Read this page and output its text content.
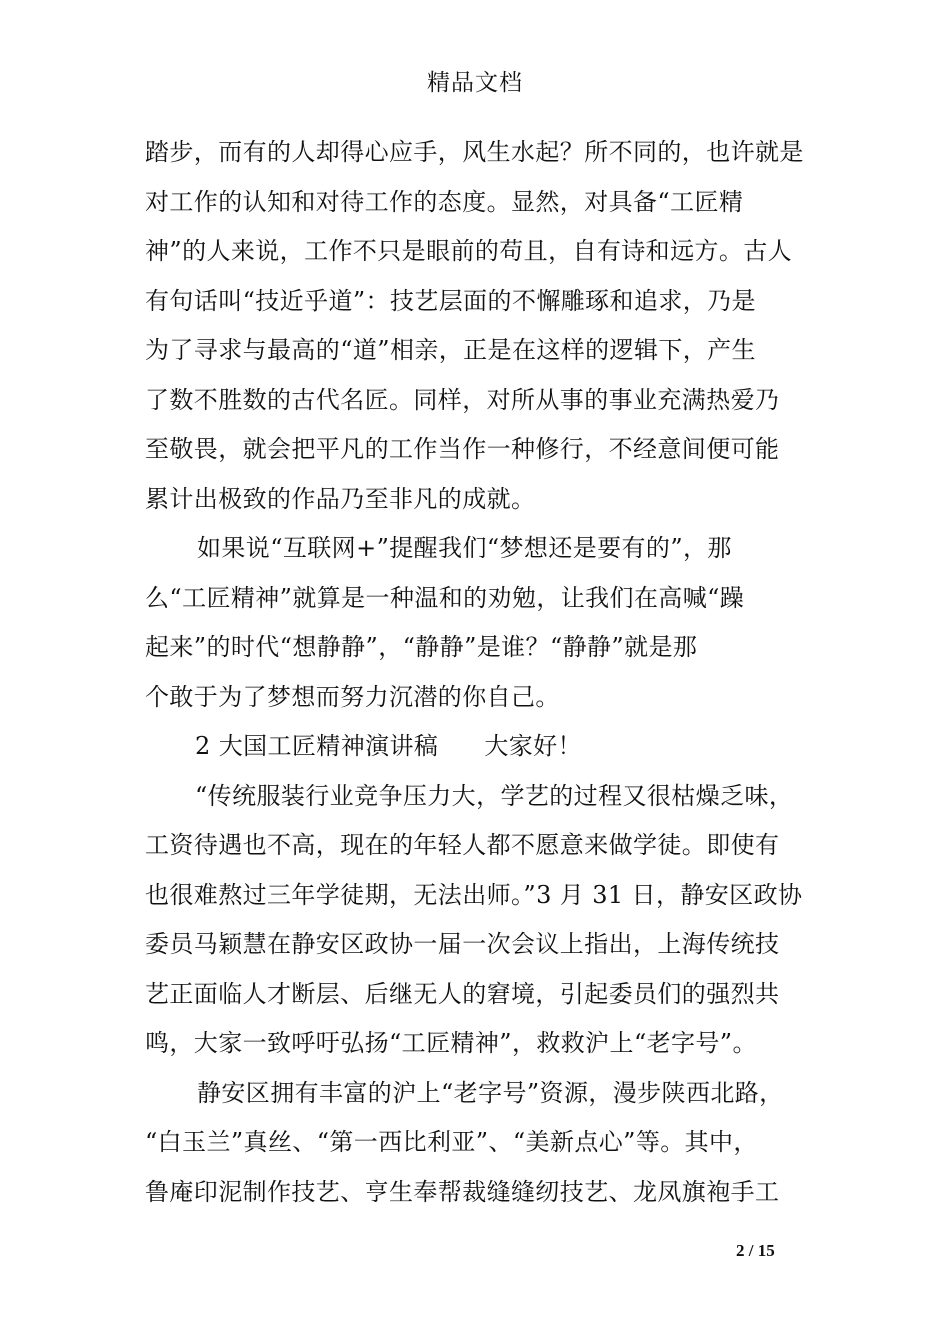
精品文档
踏步，而有的人却得心应手，风生水起？所不同的，也许就是
对工作的认知和对待工作的态度。显然，对具备“工匠精
神”的人来说，工作不只是眼前的苟且，自有诗和远方。古人
有句话叫“技近乎道”：技艺层面的不懈雕琢和追求，乃是
为了寻求与最高的“道”相亲，正是在这样的逻辑下，产生
了数不胜数的古代名匠。同样，对所从事的事业充满热爱乃
至敬畏，就会把平凡的工作当作一种修行，不经意间便可能
累计出极致的作品乃至非凡的成就。
如果说“互联网+”提醒我们“梦想还是要有的”，那
么“工匠精神”就算是一种温和的劝勉，让我们在高喊“躁
起来”的时代“想静静”，“静静”是谁？“静静”就是那
个敢于为了梦想而努力沉潜的你自己。
2 大国工匠精神演讲稿 大家好！
“传统服装行业竞争压力大，学艺的过程又很枯燥乏味，
工资待遇也不高，现在的年轻人都不愿意来做学徒。即使有
也很难熬过三年学徒期，无法出师。”3 月 31 日，静安区政协
委员马颖慧在静安区政协一届一次会议上指出，上海传统技
艺正面临人才断层、后继无人的窘境，引起委员们的强烈共
鸣，大家一致呼吁弘扬“工匠精神”，救救沪上“老字号”。
静安区拥有丰富的沪上“老字号”资源，漫步陕西北路，
“白玉兰”真丝、“第一西比利亚”、“美新点心”等。其中，
鲁庵印泥制作技艺、亨生奉帮裁缝缝纫技艺、龙凤旗袍手工
2 / 15
